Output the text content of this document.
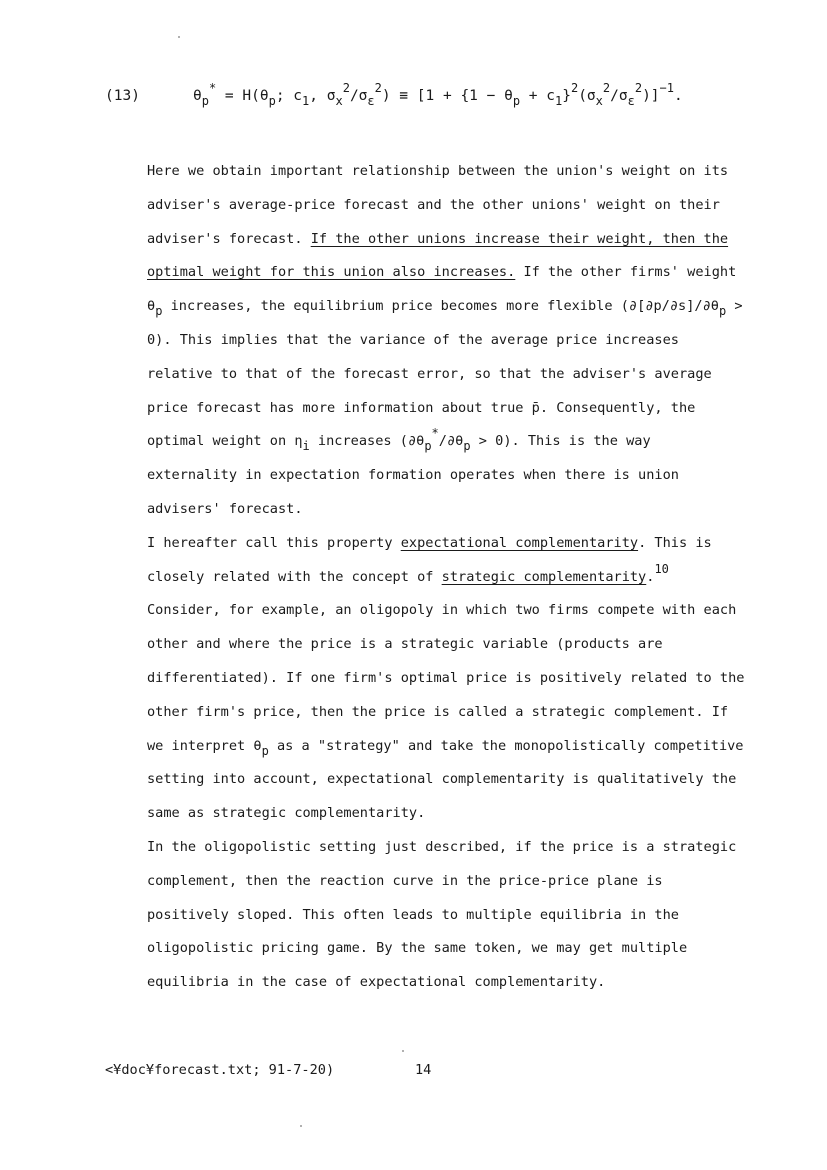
(13)	$\theta_p^* = H(\theta_p$; $c_1$, $\sigma_x^2/\sigma_\varepsilon^2) \equiv [1 + \{1 - \theta_p + c_1\}^2(\sigma_x^2/\sigma_\varepsilon^2)]^{-1}$.

Here we obtain important relationship between the union's weight on its adviser's average-price forecast and the other unions' weight on their adviser's forecast. If the other unions increase their weight, then the optimal weight for this union also increases. If the other firms' weight $\theta_p$ increases, the equilibrium price becomes more flexible $(\partial[\partial p/\partial s]/\partial\theta_p > 0)$. This implies that the variance of the average price increases relative to that of the forecast error, so that the adviser's average price forecast has more information about true p̄. Consequently, the optimal weight on $\eta_i$ increases $(\partial\theta_p^*/\partial\theta_p > 0)$. This is the way externality in expectation formation operates when there is union advisers' forecast.

I hereafter call this property expectational complementarity. This is closely related with the concept of strategic complementarity.$^{10}$ Consider, for example, an oligopoly in which two firms compete with each other and where the price is a strategic variable (products are differentiated). If one firm's optimal price is positively related to the other firm's price, then the price is called a strategic complement. If we interpret $\theta_p$ as a "strategy" and take the monopolistically competitive setting into account, expectational complementarity is qualitatively the same as strategic complementarity.

In the oligopolistic setting just described, if the price is a strategic complement, then the reaction curve in the price-price plane is positively sloped. This often leads to multiple equilibria in the oligopolistic pricing game. By the same token, we may get multiple equilibria in the case of expectational complementarity.

<¥doc¥forecast.txt; 91-7-20)	14
